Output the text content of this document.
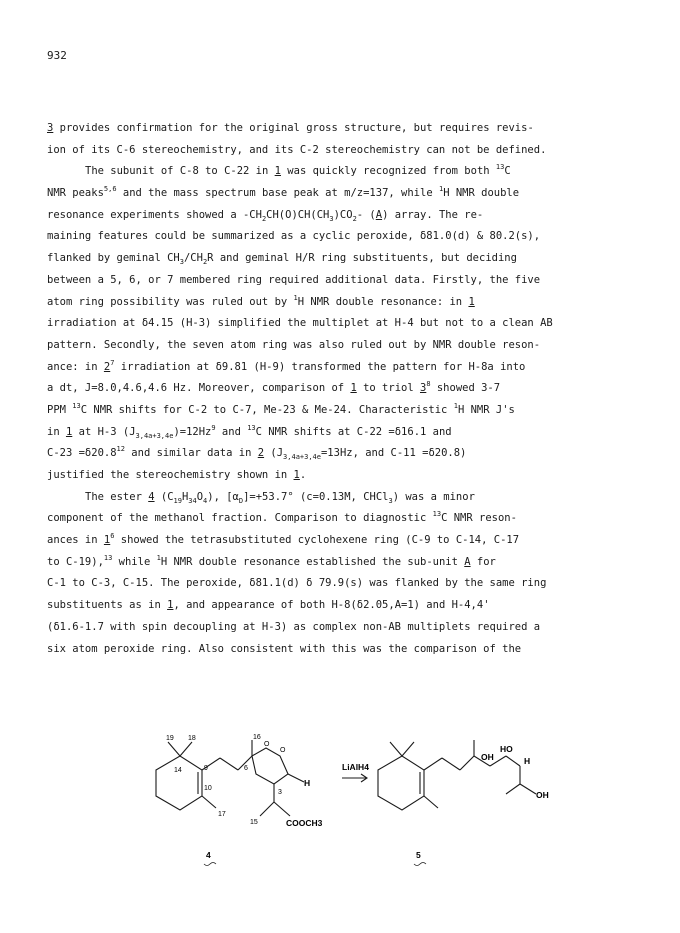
932
3 provides confirmation for the original gross structure, but requires revis-
ion of its C-6 stereochemistry, and its C-2 stereochemistry can not be defined.
The subunit of C-8 to C-22 in 1 was quickly recognized from both $^{13}$C
NMR peaks$^{5,6}$ and the mass spectrum base peak at m/z=137, while $^1$H NMR double
resonance experiments showed a $-CH_2CH(O)CH(CH_3)CO_2-$ (A) array. The re-
maining features could be summarized as a cyclic peroxide, δ81.0(d) & 80.2(s),
flanked by geminal $CH_3/CH_2R$ and geminal H/R ring substituents, but deciding
between a 5, 6, or 7 membered ring required additional data. Firstly, the five
atom ring possibility was ruled out by $^1$H NMR double resonance: in 1
irradiation at δ4.15 (H-3) simplified the multiplet at H-4 but not to a clean AB
pattern. Secondly, the seven atom ring was also ruled out by NMR double reson-
ance: in $2^7$ irradiation at δ9.81 (H-9) transformed the pattern for H-8a into
a dt, J=8.0,4.6,4.6 Hz. Moreover, comparison of 1 to triol $3^8$ showed 3-7
PPM $^{13}$C NMR shifts for C-2 to C-7, Me-23 & Me-24. Characteristic $^1$H NMR J's
in 1 at H-3 $(J_{3,4a+3,4e})=12Hz^9$ and $^{13}$C NMR shifts at C-22 =δ16.1 and
$C-23 =\delta 20.8^{12}$ and similar data in 2 ($J_{3,4a+3,4e}=13Hz$, and C-11 =δ20.8)
justified the stereochemistry shown in 1.
The ester 4 $(C_{19}H_{34}O_4)$, $[\alpha_D]=+53.7^\circ$ (c=0.13M, CHCl$_3$) was a minor
component of the methanol fraction. Comparison to diagnostic $^{13}$C NMR reson-
ances in $1^6$ showed the tetrasubstituted cyclohexene ring (C-9 to C-14, C-17
to C-19),$^{13}$ while $^1$H NMR double resonance established the sub-unit A for
C-1 to C-3, C-15. The peroxide, δ81.1(d) δ 79.9(s) was flanked by the same ring
substituents as in 1, and appearance of both H-8(δ2.05,A=1) and H-4,4'
(δ1.6-1.7 with spin decoupling at H-3) as complex non-AB multiplets required a
six atom peroxide ring. Also consistent with this was the comparison of the
19 18	16
14	9
10
6
17
O
O
H
3
15	COOCH3
LiAlH4
OH
HO
H
OH
4	5
